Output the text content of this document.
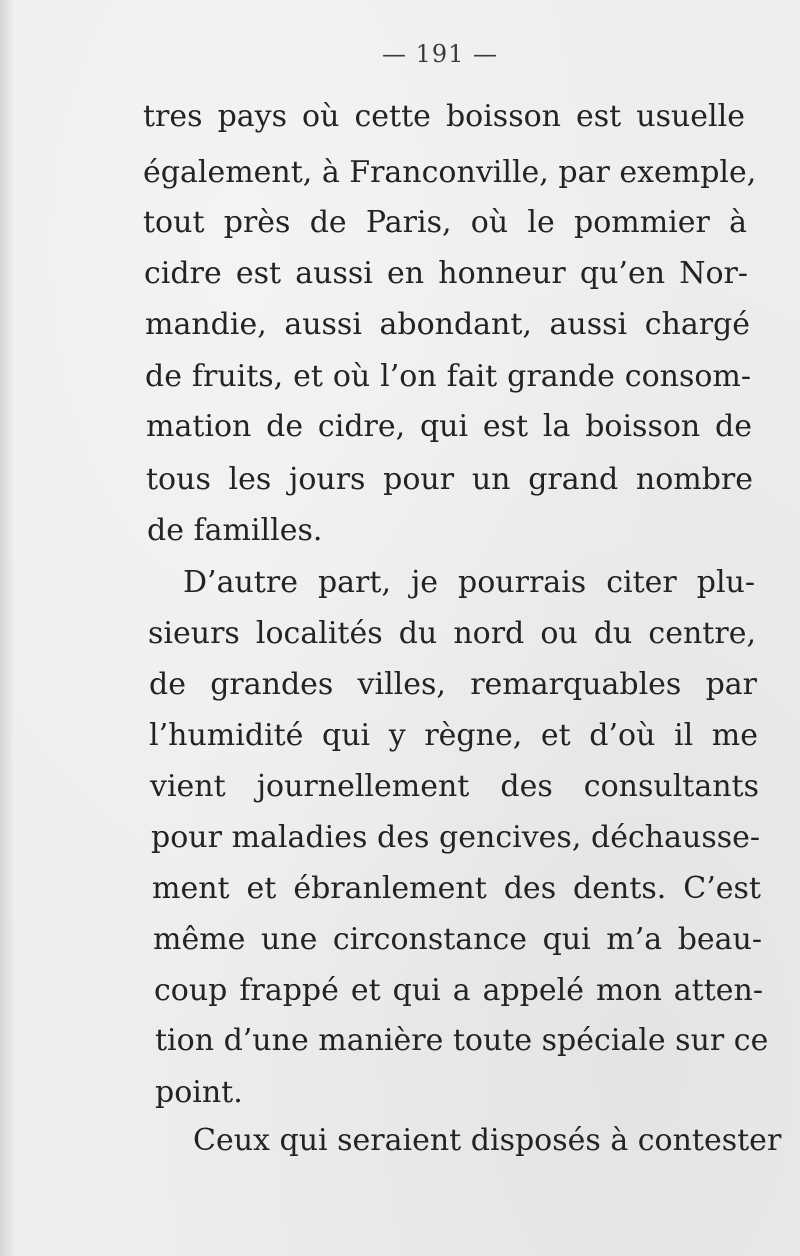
— 191 —
tres pays où cette boisson est usuelle
également, à Franconville, par exemple,
tout près de Paris, où le pommier à
cidre est aussi en honneur qu’en Nor-
mandie, aussi abondant, aussi chargé
de fruits, et où l’on fait grande consom-
mation de cidre, qui est la boisson de
tous les jours pour un grand nombre
de familles.
D’autre part, je pourrais citer plu-
sieurs localités du nord ou du centre,
de grandes villes, remarquables par
l’humidité qui y règne, et d’où il me
vient journellement des consultants
pour maladies des gencives, déchausse-
ment et ébranlement des dents. C’est
même une circonstance qui m’a beau-
coup frappé et qui a appelé mon atten-
tion d’une manière toute spéciale sur ce
point.
Ceux qui seraient disposés à contester
